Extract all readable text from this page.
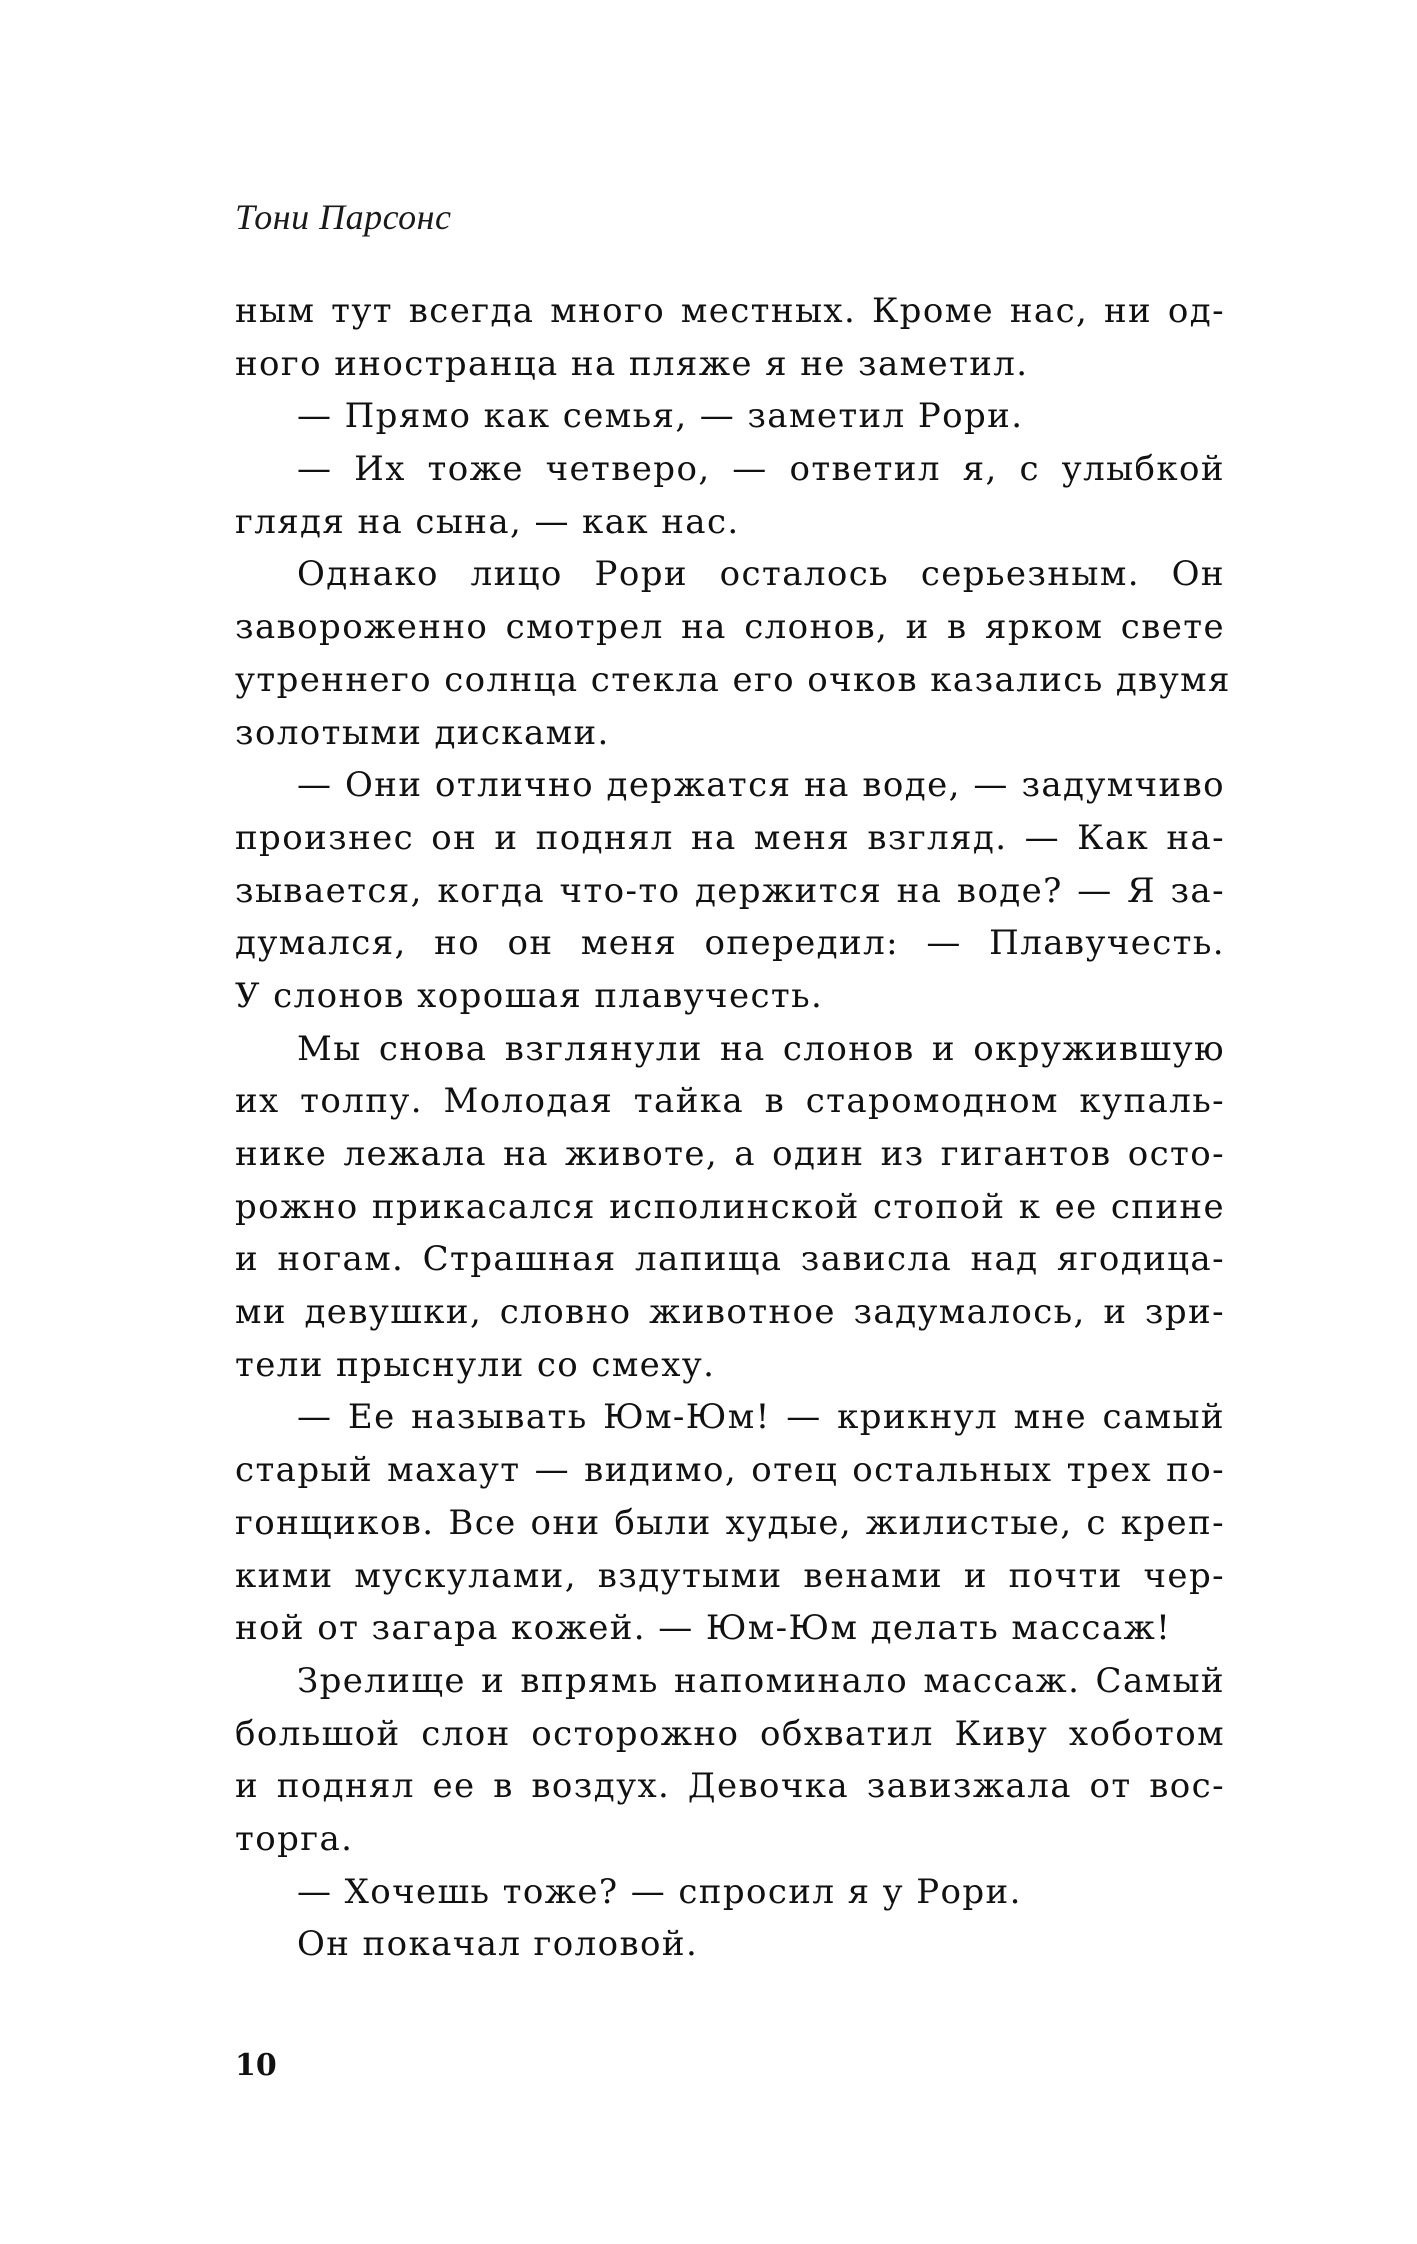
Тони Парсонс
ным тут всегда много местных. Кроме нас, ни од-
ного иностранца на пляже я не заметил.
— Прямо как семья, — заметил Рори.
— Их тоже четверо, — ответил я, с улыбкой
глядя на сына, — как нас.
Однако лицо Рори осталось серьезным. Он
завороженно смотрел на слонов, и в ярком свете
утреннего солнца стекла его очков казались двумя
золотыми дисками.
— Они отлично держатся на воде, — задумчиво
произнес он и поднял на меня взгляд. — Как на-
зывается, когда что-то держится на воде? — Я за-
думался, но он меня опередил: — Плавучесть.
У слонов хорошая плавучесть.
Мы снова взглянули на слонов и окружившую
их толпу. Молодая тайка в старомодном купаль-
нике лежала на животе, а один из гигантов осто-
рожно прикасался исполинской стопой к ее спине
и ногам. Страшная лапища зависла над ягодица-
ми девушки, словно животное задумалось, и зри-
тели прыснули со смеху.
— Ее называть Юм-Юм! — крикнул мне самый
старый махаут — видимо, отец остальных трех по-
гонщиков. Все они были худые, жилистые, с креп-
кими мускулами, вздутыми венами и почти чер-
ной от загара кожей. — Юм-Юм делать массаж!
Зрелище и впрямь напоминало массаж. Самый
большой слон осторожно обхватил Киву хоботом
и поднял ее в воздух. Девочка завизжала от вос-
торга.
— Хочешь тоже? — спросил я у Рори.
Он покачал головой.
10
